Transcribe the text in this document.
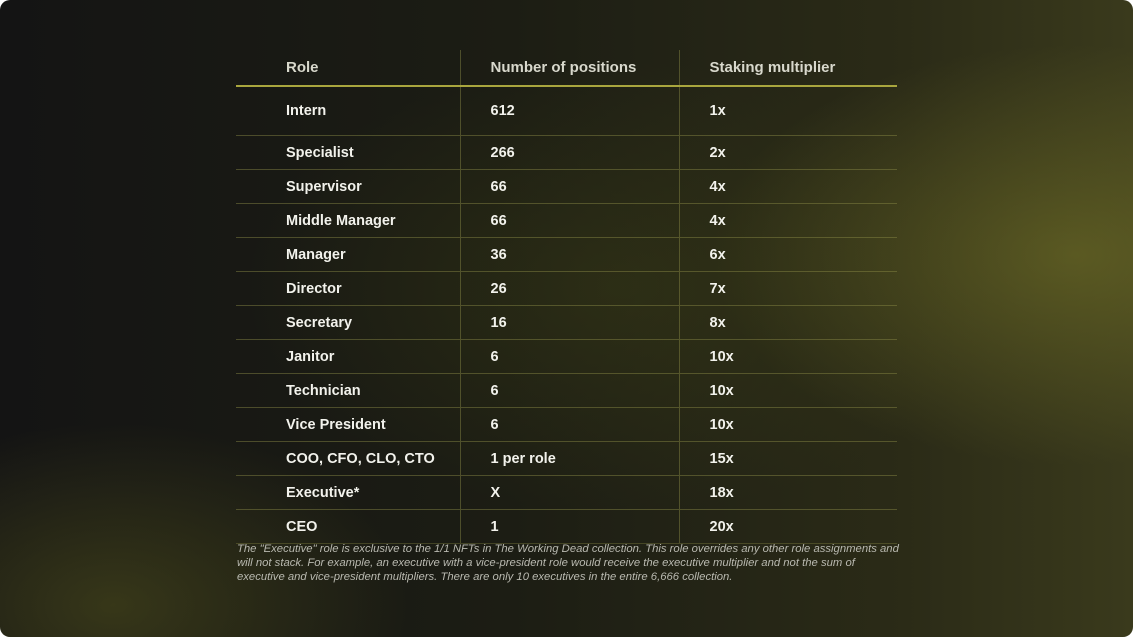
Role	Number of positions	Staking multiplier
Intern	612	1x
Specialist	266	2x
Supervisor	66	4x
Middle Manager	66	4x
Manager	36	6x
Director	26	7x
Secretary	16	8x
Janitor	6	10x
Technician	6	10x
Vice President	6	10x
COO, CFO, CLO, CTO	1 per role	15x
Executive*	X	18x
CEO	1	20x

The "Executive" role is exclusive to the 1/1 NFTs in The Working Dead collection. This role overrides any other role assignments and will not stack. For example, an executive with a vice-president role would receive the executive multiplier and not the sum of executive and vice-president multipliers. There are only 10 executives in the entire 6,666 collection.
